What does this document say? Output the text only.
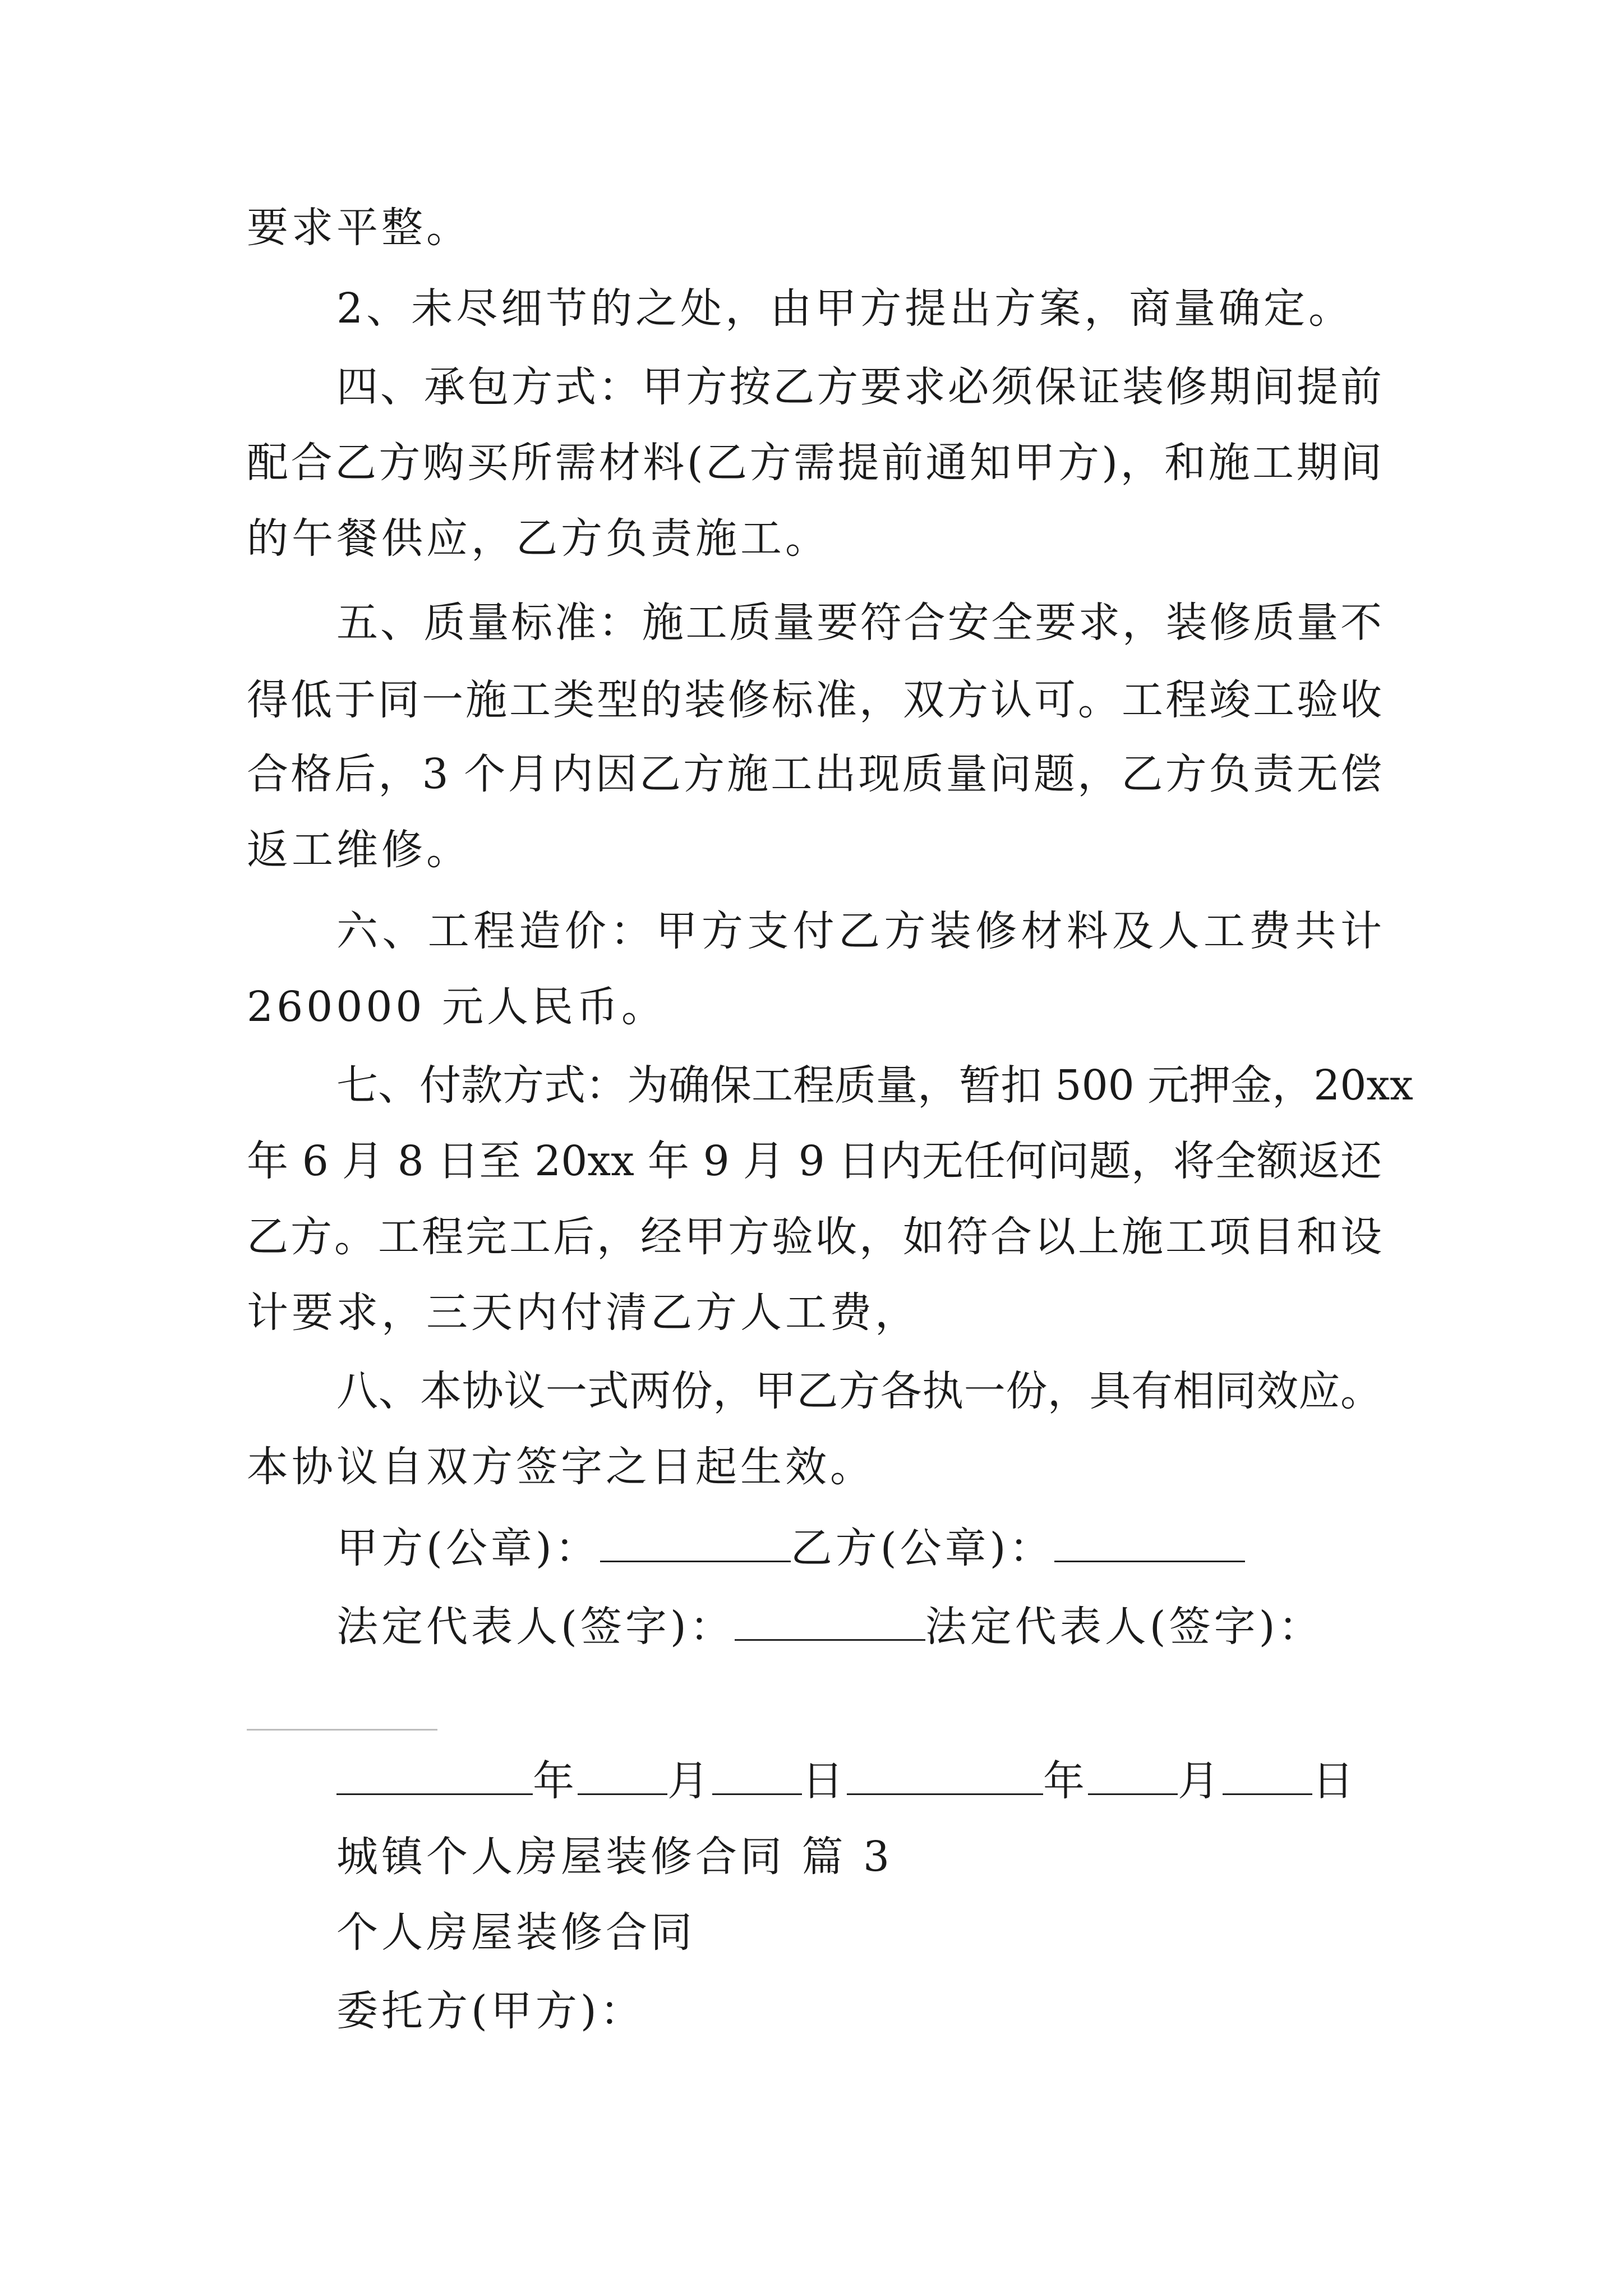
要求平整。
2、未尽细节的之处，由甲方提出方案，商量确定。
四、承包方式：甲方按乙方要求必须保证装修期间提前
配合乙方购买所需材料(乙方需提前通知甲方)，和施工期间
的午餐供应，乙方负责施工。
五、质量标准：施工质量要符合安全要求，装修质量不
得低于同一施工类型的装修标准，双方认可。工程竣工验收
合格后，3 个月内因乙方施工出现质量问题，乙方负责无偿
返工维修。
六、工程造价：甲方支付乙方装修材料及人工费共计
260000 元人民币。
七、付款方式：为确保工程质量，暂扣 500 元押金，20xx
年 6 月 8 日至 20xx 年 9 月 9 日内无任何问题，将全额返还
乙方。工程完工后，经甲方验收，如符合以上施工项目和设
计要求，三天内付清乙方人工费，
八、本协议一式两份，甲乙方各执一份，具有相同效应。
本协议自双方签字之日起生效。
甲方(公章)：	乙方(公章)：
法定代表人(签字)：	法定代表人(签字)：
年 月 日	年 月 日
城镇个人房屋装修合同 篇 3
个人房屋装修合同
委托方(甲方)：
